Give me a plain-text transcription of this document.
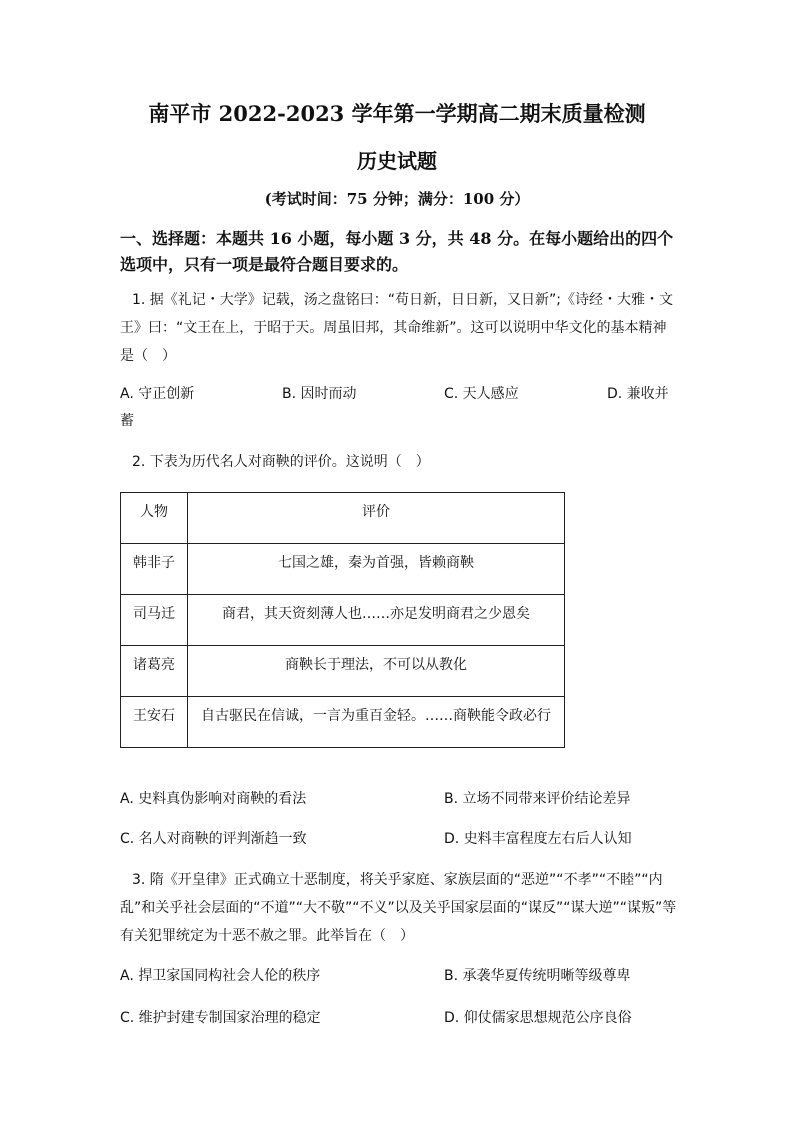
南平市 2022-2023 学年第一学期高二期末质量检测
历史试题
(考试时间：75 分钟；满分：100 分）
一、选择题：本题共 16 小题，每小题 3 分，共 48 分。在每小题给出的四个选项中，只有一项是最符合题目要求的。
1. 据《礼记・大学》记载，汤之盘铭曰：“苟日新，日日新，又日新”;《诗经・大雅・文王》曰：“文王在上，于昭于天。周虽旧邦，其命维新”。这可以说明中华文化的基本精神是（　）
A. 守正创新	B. 因时而动	C. 天人感应	D. 兼收并
蓄
2. 下表为历代名人对商鞅的评价。这说明（　）
人物	评价

韩非子	七国之雄，秦为首强，皆赖商鞅

司马迁	商君，其天资刻薄人也……亦足发明商君之少恩矣

诸葛亮	商鞅长于理法，不可以从教化

王安石	自古驱民在信诚，一言为重百金轻。……商鞅能令政必行
A. 史料真伪影响对商鞅的看法	B. 立场不同带来评价结论差异
C. 名人对商鞅的评判渐趋一致	D. 史料丰富程度左右后人认知
3. 隋《开皇律》正式确立十恶制度，将关乎家庭、家族层面的“恶逆”“不孝”“不睦”“内乱”和关乎社会层面的“不道”“大不敬”“不义”以及关乎国家层面的“谋反”“谋大逆”“谋叛”等有关犯罪统定为十恶不赦之罪。此举旨在（　）
A. 捍卫家国同构社会人伦的秩序	B. 承袭华夏传统明晰等级尊卑
C. 维护封建专制国家治理的稳定	D. 仰仗儒家思想规范公序良俗
